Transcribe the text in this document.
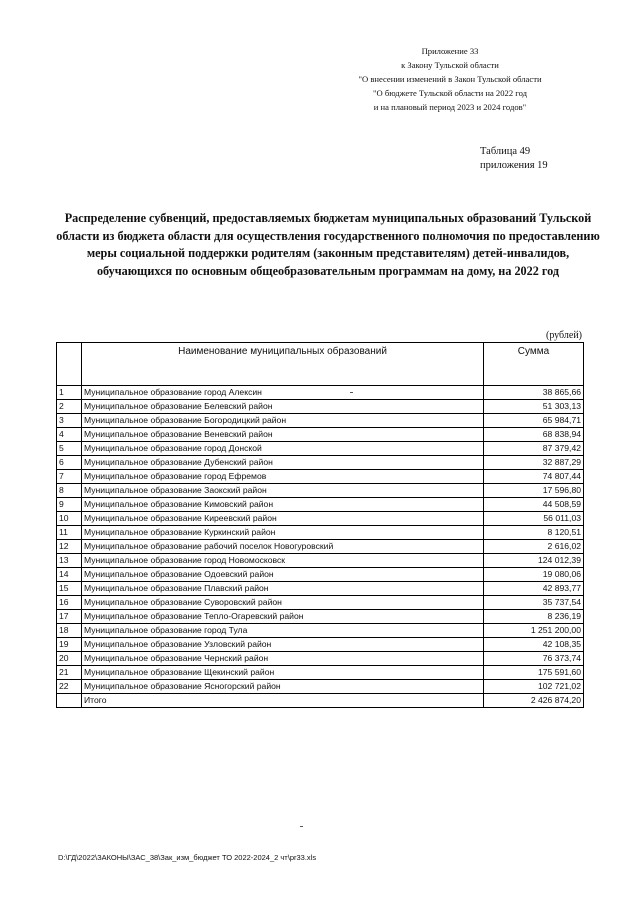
Приложение 33
к Закону Тульской области
"О внесении изменений в Закон Тульской области
"О бюджете Тульской области на 2022 год
и на плановый период 2023 и 2024 годов"
Таблица 49
приложения 19
Распределение субвенций, предоставляемых бюджетам муниципальных образований Тульской области из бюджета области для осуществления государственного полномочия по предоставлению меры социальной поддержки родителям (законным представителям) детей-инвалидов, обучающихся по основным общеобразовательным программам на дому, на 2022 год
(рублей)
	Наименование муниципальных образований	Сумма
1	Муниципальное образование город Алексин	38 865,66
2	Муниципальное образование Белевский район	51 303,13
3	Муниципальное образование Богородицкий район	65 984,71
4	Муниципальное образование Веневский район	68 838,94
5	Муниципальное образование город Донской	87 379,42
6	Муниципальное образование Дубенский район	32 887,29
7	Муниципальное образование город Ефремов	74 807,44
8	Муниципальное образование Заокский район	17 596,80
9	Муниципальное образование Кимовский район	44 508,59
10	Муниципальное образование Киреевский район	56 011,03
11	Муниципальное образование Куркинский район	8 120,51
12	Муниципальное образование рабочий поселок Новогуровский	2 616,02
13	Муниципальное образование город Новомосковск	124 012,39
14	Муниципальное образование Одоевский район	19 080,06
15	Муниципальное образование Плавский район	42 893,77
16	Муниципальное образование Суворовский район	35 737,54
17	Муниципальное образование Тепло-Огаревский район	8 236,19
18	Муниципальное образование город Тула	1 251 200,00
19	Муниципальное образование Узловский район	42 108,35
20	Муниципальное образование Чернский район	76 373,74
21	Муниципальное образование Щекинский район	175 591,60
22	Муниципальное образование Ясногорский район	102 721,02
	Итого	2 426 874,20
D:\ГД\2022\ЗАКОНЫ\ЗАС_38\Зак_изм_бюджет ТО 2022-2024_2 чт\pr33.xls
